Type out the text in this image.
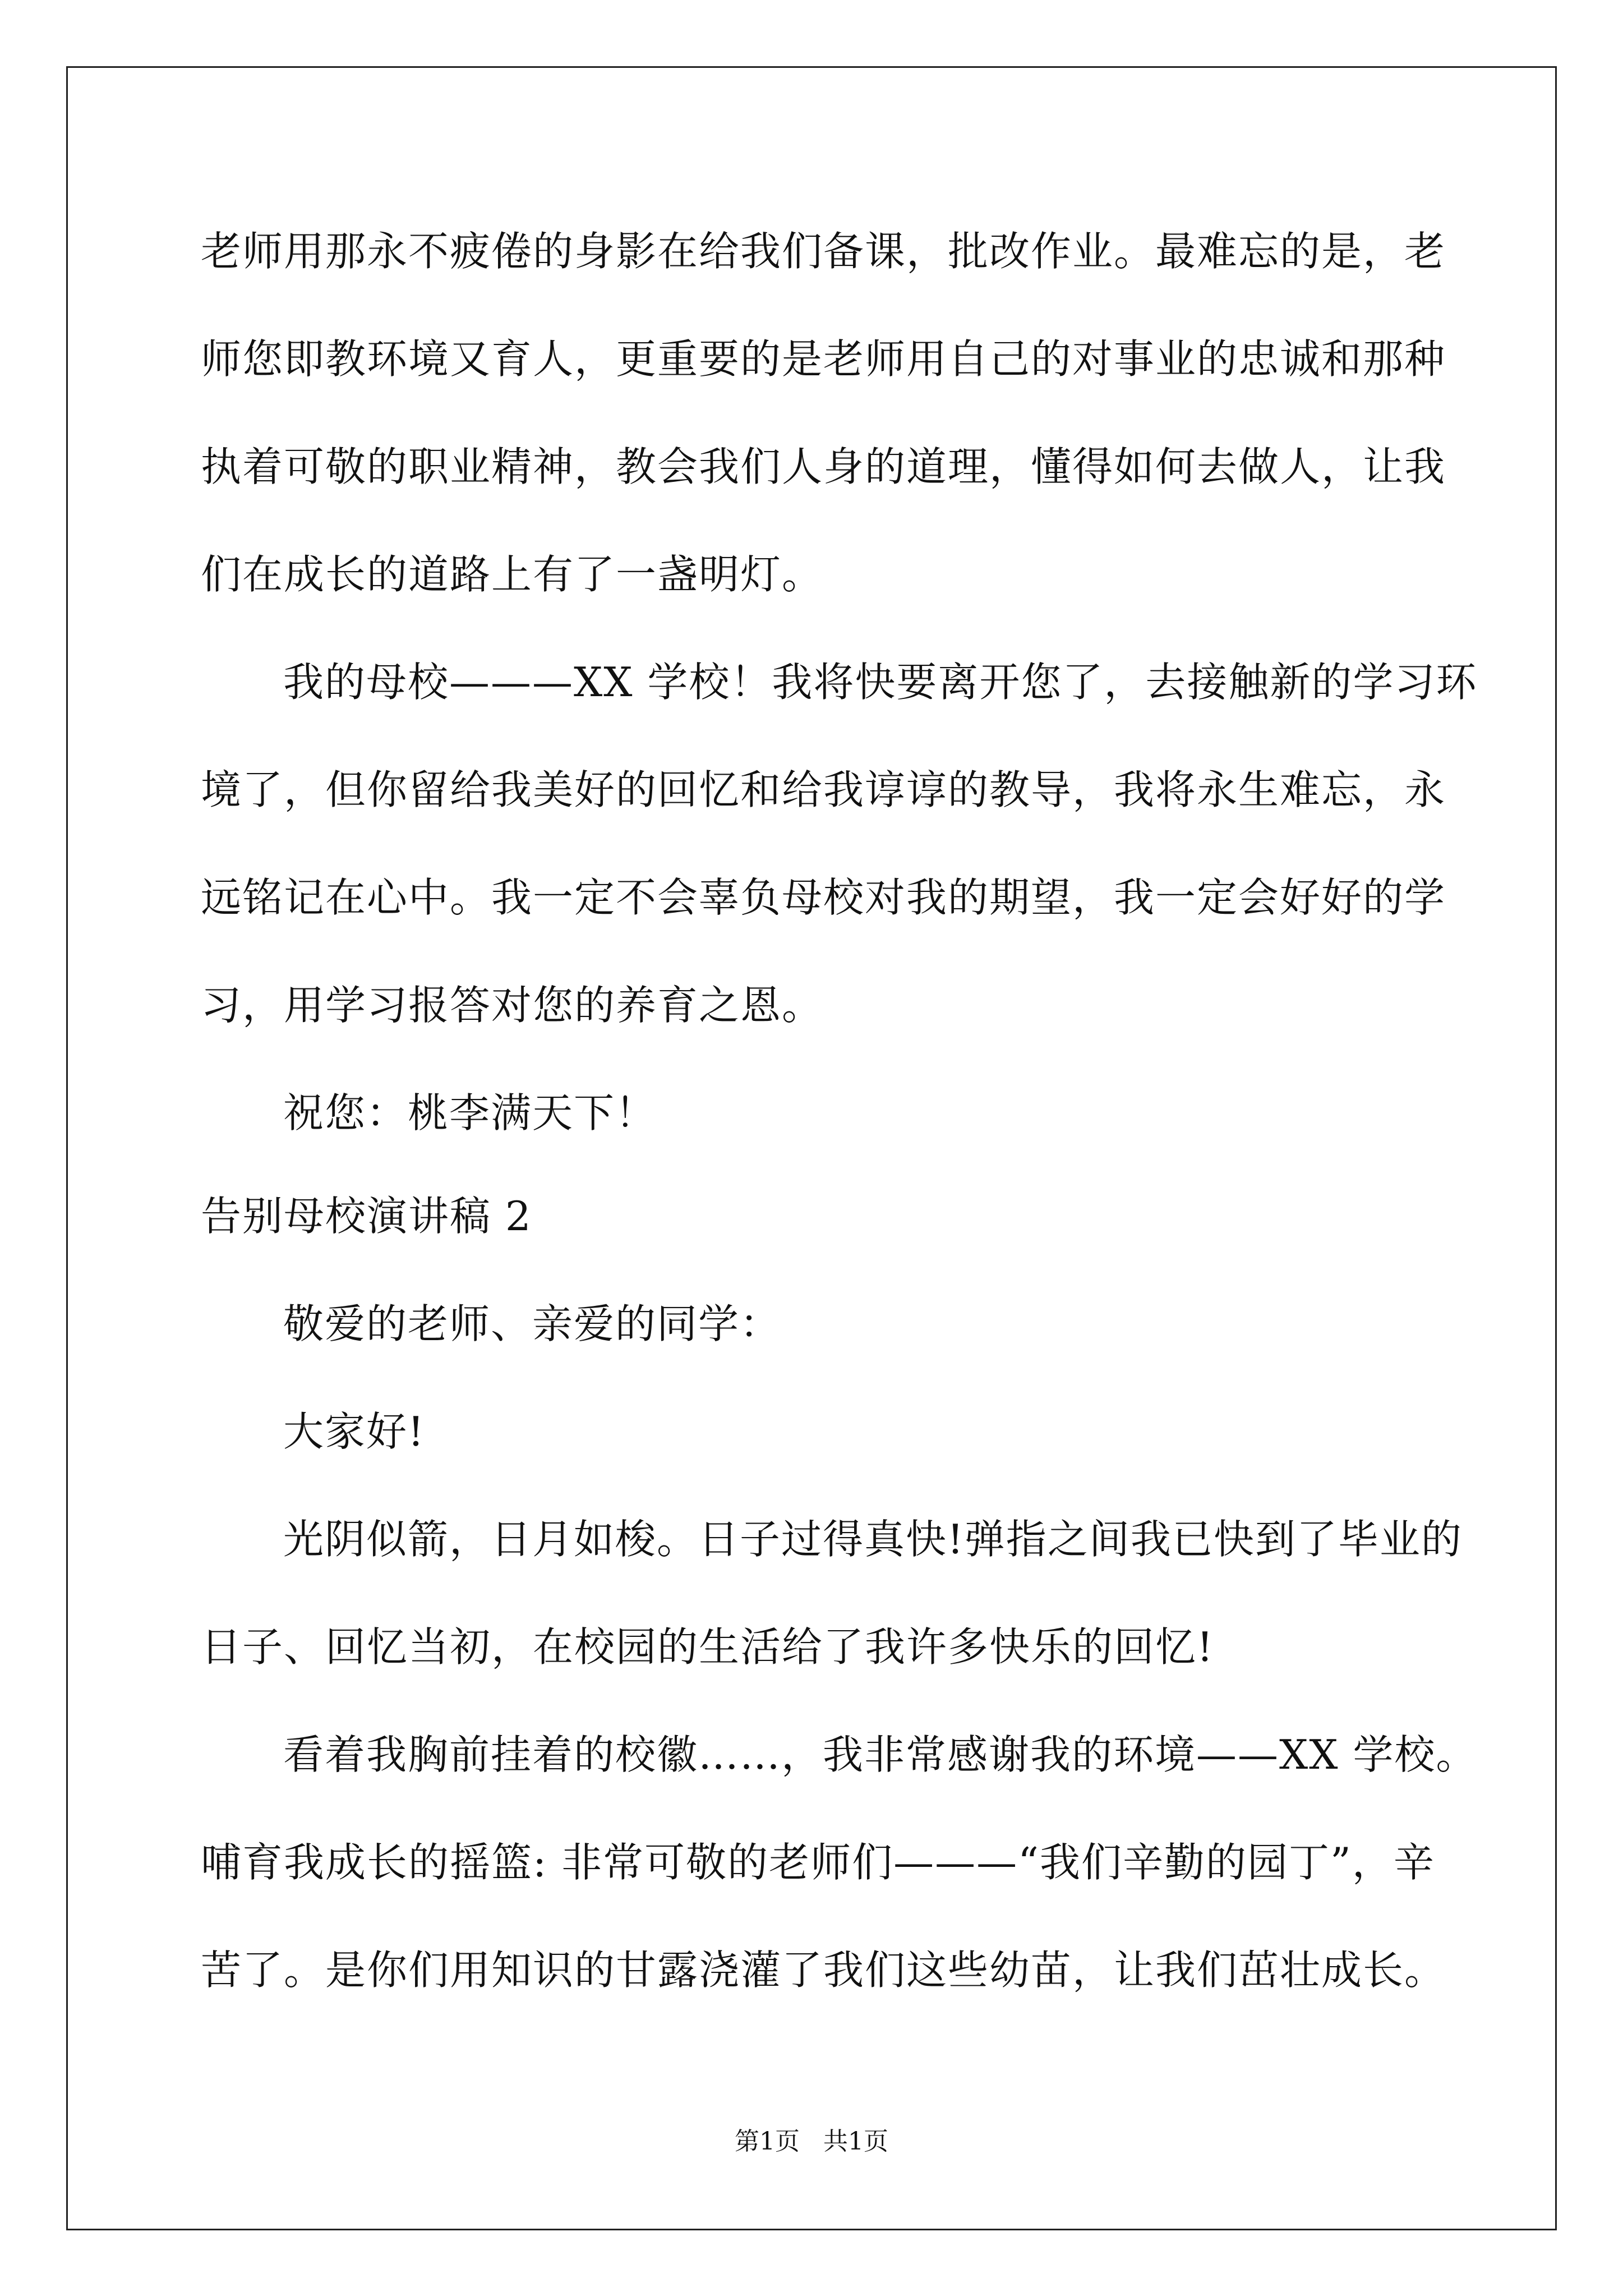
老师用那永不疲倦的身影在给我们备课，批改作业。最难忘的是，老
师您即教环境又育人，更重要的是老师用自己的对事业的忠诚和那种
执着可敬的职业精神，教会我们人身的道理，懂得如何去做人，让我
们在成长的道路上有了一盏明灯。
我的母校———XX 学校！我将快要离开您了，去接触新的学习环
境了，但你留给我美好的回忆和给我谆谆的教导，我将永生难忘，永
远铭记在心中。我一定不会辜负母校对我的期望，我一定会好好的学
习，用学习报答对您的养育之恩。
祝您：桃李满天下！
告别母校演讲稿 2
敬爱的老师、亲爱的同学：
大家好!
光阴似箭，日月如梭。日子过得真快!弹指之间我已快到了毕业的
日子、回忆当初，在校园的生活给了我许多快乐的回忆!
看着我胸前挂着的校徽……，我非常感谢我的环境——XX 学校。
哺育我成长的摇篮: 非常可敬的老师们———“我们辛勤的园丁”，辛
苦了。是你们用知识的甘露浇灌了我们这些幼苗，让我们茁壮成长。
第1页   共1页
